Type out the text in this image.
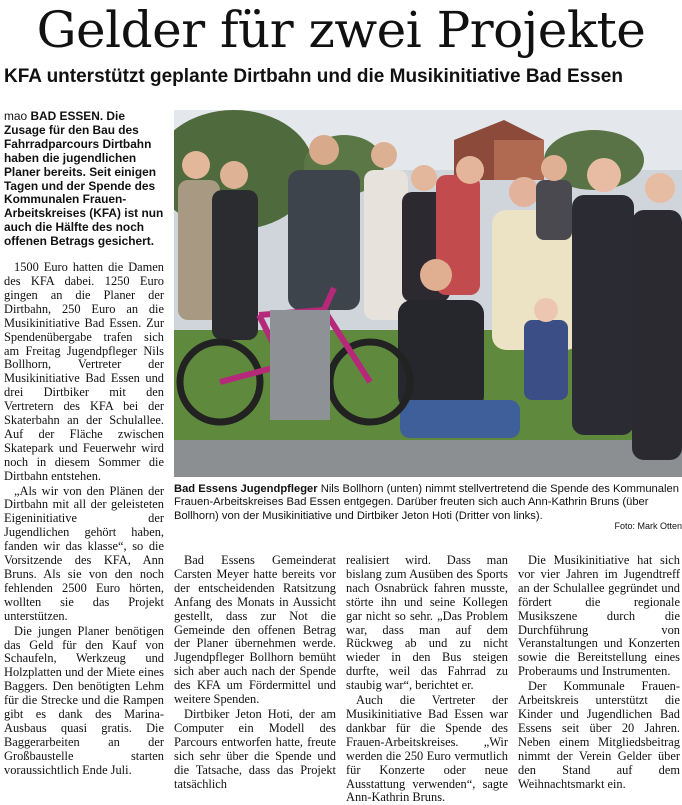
Gelder für zwei Projekte
KFA unterstützt geplante Dirtbahn und die Musikinitiative Bad Essen

mao BAD ESSEN. Die Zusage für den Bau des Fahrradparcours Dirtbahn haben die jugendlichen Planer bereits. Seit einigen Tagen und der Spende des Kommunalen Frauen-Arbeitskreises (KFA) ist nun auch die Hälfte des noch offenen Betrags gesichert.

1500 Euro hatten die Damen des KFA dabei. 1250 Euro gingen an die Planer der Dirtbahn, 250 Euro an die Musikinitiative Bad Essen. Zur Spendenübergabe trafen sich am Freitag Jugendpfleger Nils Bollhorn, Vertreter der Musikinitiative Bad Essen und drei Dirtbiker mit den Vertretern des KFA bei der Skaterbahn an der Schulallee. Auf der Fläche zwischen Skatepark und Feuerwehr wird noch in diesem Sommer die Dirtbahn entstehen.

„Als wir von den Plänen der Dirtbahn mit all der geleisteten Eigeninitiative der Jugendlichen gehört haben, fanden wir das klasse“, so die Vorsitzende des KFA, Ann Bruns. Als sie von den noch fehlenden 2500 Euro hörten, wollten sie das Projekt unterstützen.

Die jungen Planer benötigen das Geld für den Kauf von Schaufeln, Werkzeug und Holzplatten und der Miete eines Baggers. Den benötigten Lehm für die Strecke und die Rampen gibt es dank des Marina-Ausbaus quasi gratis. Die Baggerarbeiten an der Großbaustelle starten voraussichtlich Ende Juli.

Bad Essens Jugendpfleger Nils Bollhorn (unten) nimmt stellvertretend die Spende des Kommunalen Frauen-Arbeitskreises Bad Essen entgegen. Darüber freuten sich auch Ann-Kathrin Bruns (über Bollhorn) von der Musikinitiative und Dirtbiker Jeton Hoti (Dritter von links).
Foto: Mark Otten

Bad Essens Gemeinderat Carsten Meyer hatte bereits vor der entscheidenden Ratsitzung Anfang des Monats in Aussicht gestellt, dass zur Not die Gemeinde den offenen Betrag der Planer übernehmen werde. Jugendpfleger Bollhorn bemüht sich aber auch nach der Spende des KFA um Fördermittel und weitere Spenden.

Dirtbiker Jeton Hoti, der am Computer ein Modell des Parcours entworfen hatte, freute sich sehr über die Spende und die Tatsache, dass das Projekt tatsächlich

realisiert wird. Dass man bislang zum Ausüben des Sports nach Osnabrück fahren musste, störte ihn und seine Kollegen gar nicht so sehr. „Das Problem war, dass man auf dem Rückweg ab und zu nicht wieder in den Bus steigen durfte, weil das Fahrrad zu staubig war“, berichtet er.

Auch die Vertreter der Musikinitiative Bad Essen war dankbar für die Spende des Frauen-Arbeitskreises. „Wir werden die 250 Euro vermutlich für Konzerte oder neue Ausstattung verwenden“, sagte Ann-Kathrin Bruns.

Die Musikinitiative hat sich vor vier Jahren im Jugendtreff an der Schulallee gegründet und fördert die regionale Musikszene durch die Durchführung von Veranstaltungen und Konzerten sowie die Bereitstellung eines Proberaums und Instrumenten.

Der Kommunale Frauen-Arbeitskreis unterstützt die Kinder und Jugendlichen Bad Essens seit über 20 Jahren. Neben einem Mitgliedsbeitrag nimmt der Verein Gelder über den Stand auf dem Weihnachtsmarkt ein.
